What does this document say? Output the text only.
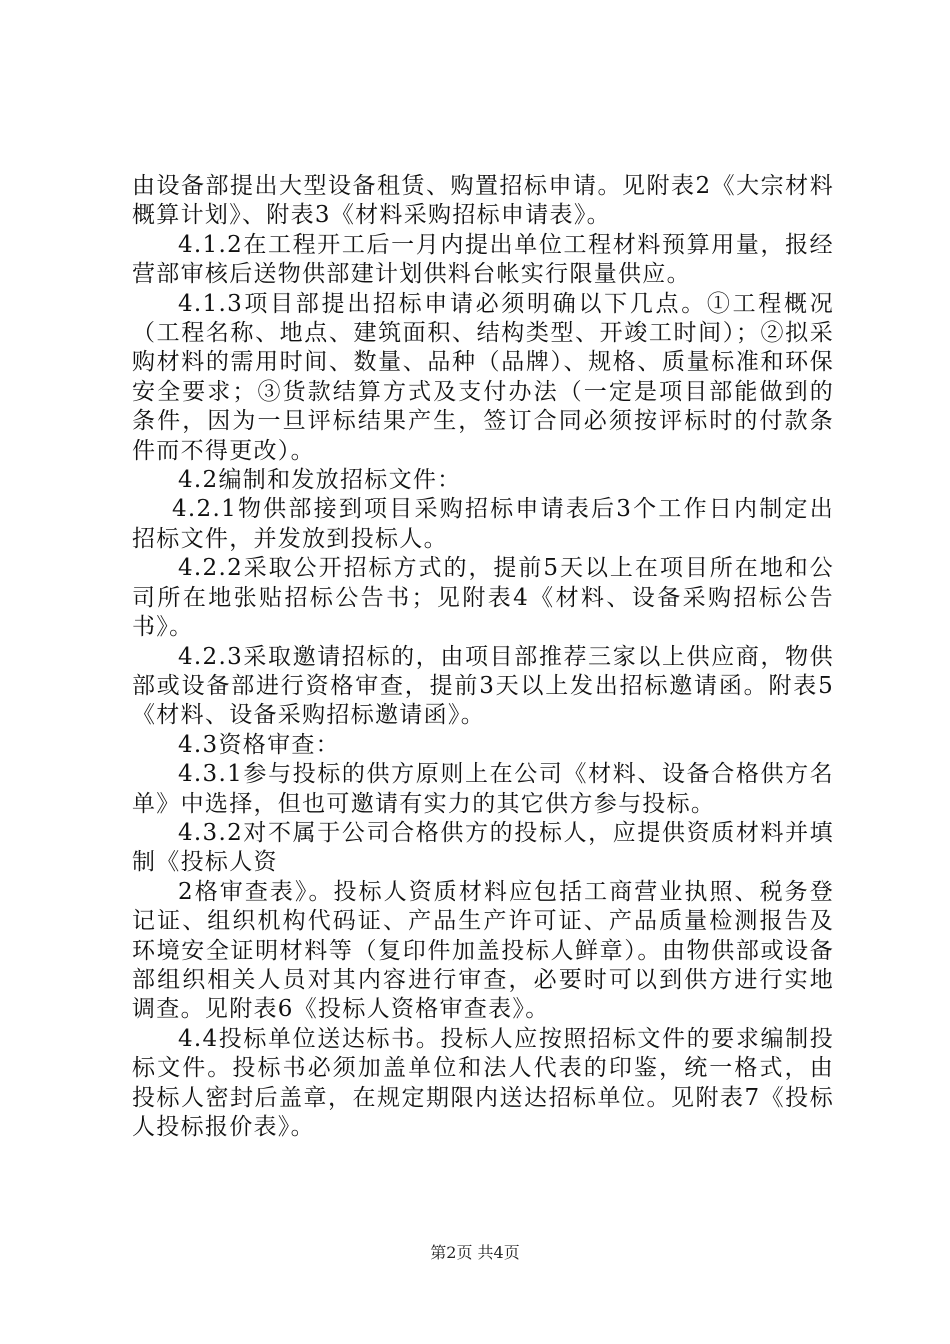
由设备部提出大型设备租赁、购置招标申请。见附表2《大宗材料概算计划》、附表3《材料采购招标申请表》。

4.1.2在工程开工后一月内提出单位工程材料预算用量，报经营部审核后送物供部建计划供料台帐实行限量供应。

4.1.3项目部提出招标申请必须明确以下几点。①工程概况（工程名称、地点、建筑面积、结构类型、开竣工时间）；②拟采购材料的需用时间、数量、品种（品牌）、规格、质量标准和环保安全要求；③货款结算方式及支付办法（一定是项目部能做到的条件，因为一旦评标结果产生，签订合同必须按评标时的付款条件而不得更改）。

4.2编制和发放招标文件：

4.2.1物供部接到项目采购招标申请表后3个工作日内制定出招标文件，并发放到投标人。

4.2.2采取公开招标方式的，提前5天以上在项目所在地和公司所在地张贴招标公告书；见附表4《材料、设备采购招标公告书》。

4.2.3采取邀请招标的，由项目部推荐三家以上供应商，物供部或设备部进行资格审查，提前3天以上发出招标邀请函。附表5《材料、设备采购招标邀请函》。

4.3资格审查：

4.3.1参与投标的供方原则上在公司《材料、设备合格供方名单》中选择，但也可邀请有实力的其它供方参与投标。

4.3.2对不属于公司合格供方的投标人，应提供资质材料并填制《投标人资

2格审查表》。投标人资质材料应包括工商营业执照、税务登记证、组织机构代码证、产品生产许可证、产品质量检测报告及环境安全证明材料等（复印件加盖投标人鲜章）。由物供部或设备部组织相关人员对其内容进行审查，必要时可以到供方进行实地调查。见附表6《投标人资格审查表》。

4.4投标单位送达标书。投标人应按照招标文件的要求编制投标文件。投标书必须加盖单位和法人代表的印鉴，统一格式，由投标人密封后盖章，在规定期限内送达招标单位。见附表7《投标人投标报价表》。

第2页 共4页
